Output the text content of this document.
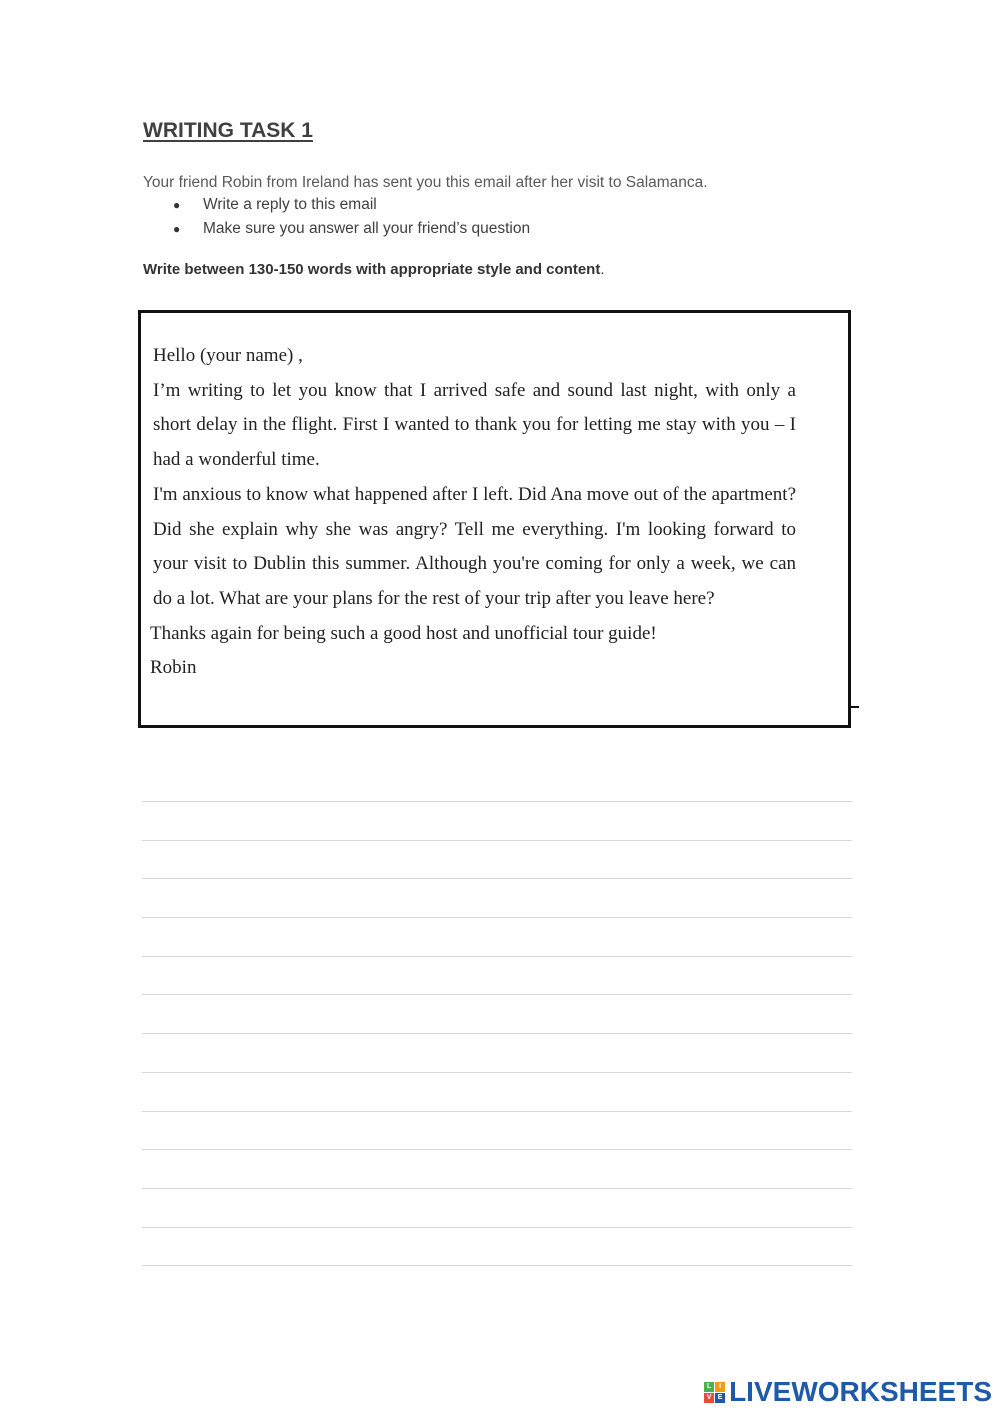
WRITING TASK 1
Your friend Robin from Ireland has sent you this email after her visit to Salamanca.
● Write a reply to this email
● Make sure you answer all your friend’s question
Write between 130-150 words with appropriate style and content.

Hello (your name) ,

I’m writing to let you know that I arrived safe and sound last night, with only a short delay in the flight. First I wanted to thank you for letting me stay with you – I had a wonderful time.

I'm anxious to know what happened after I left. Did Ana move out of the apartment? Did she explain why she was angry? Tell me everything. I'm looking forward to your visit to Dublin this summer. Although you're coming for only a week, we can do a lot. What are your plans for the rest of your trip after you leave here?

Thanks again for being such a good host and unofficial tour guide!

Robin

L	I
V E LIVEWORKSHEETS
